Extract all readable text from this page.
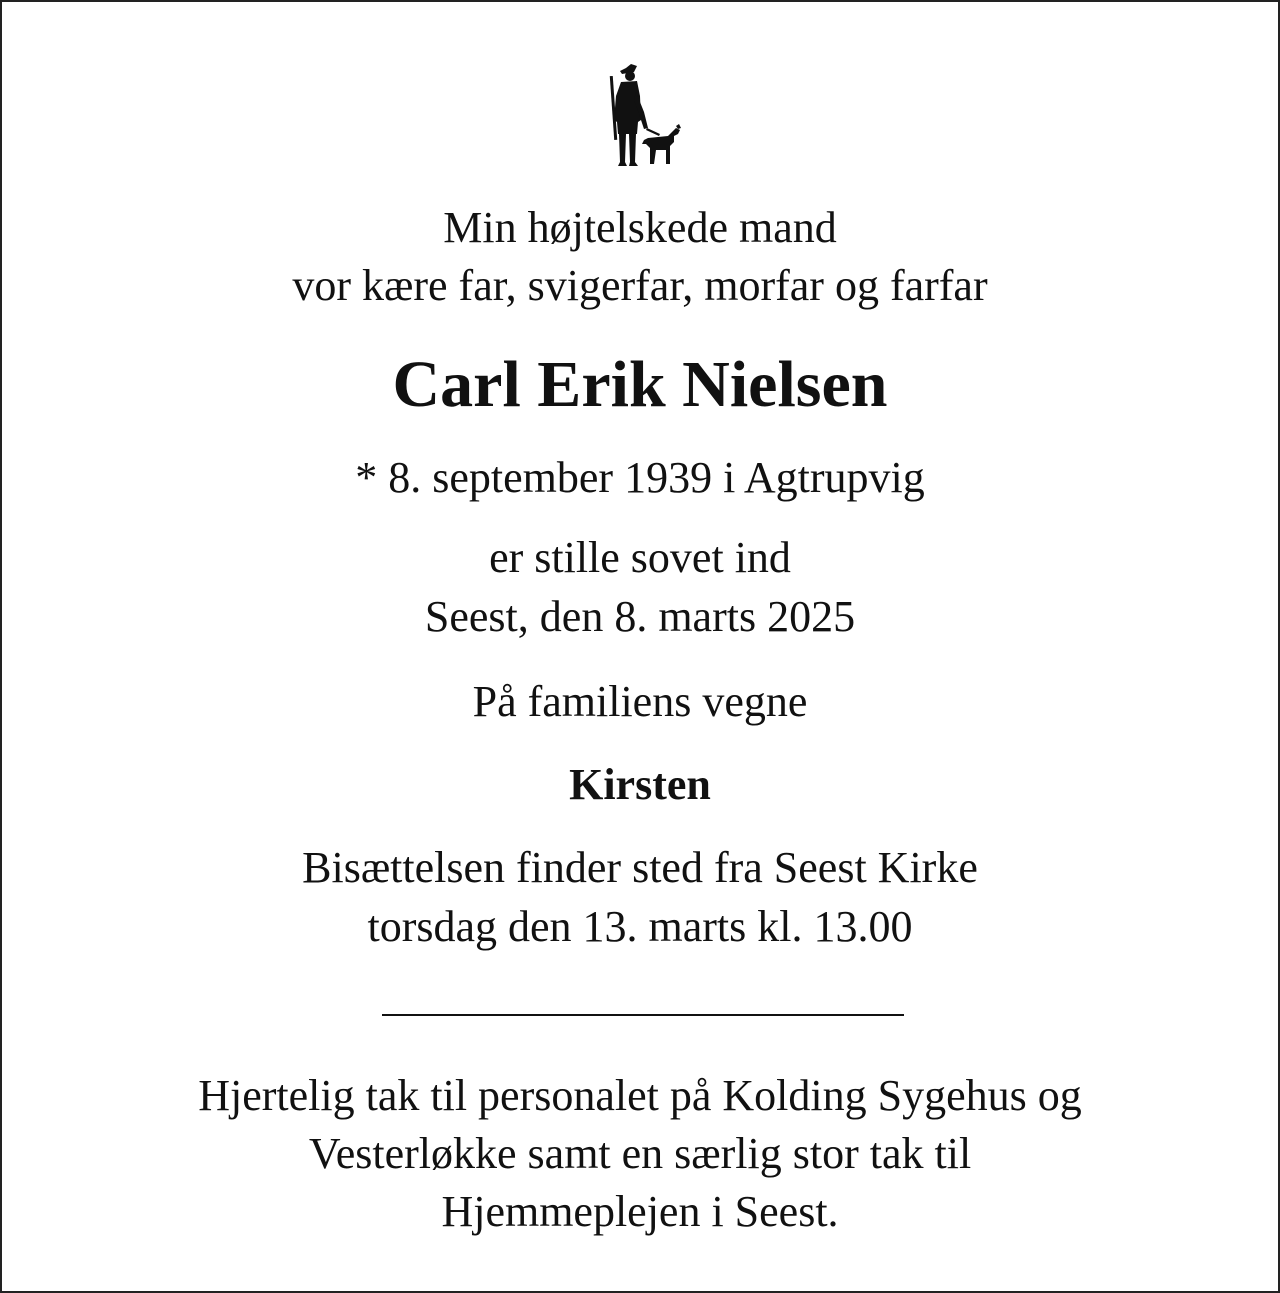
Min højtelskede mand
vor kære far, svigerfar, morfar og farfar
Carl Erik Nielsen
* 8. september 1939 i Agtrupvig
er stille sovet ind
Seest, den 8. marts 2025
På familiens vegne
Kirsten
Bisættelsen finder sted fra Seest Kirke
torsdag den 13. marts kl. 13.00
Hjertelig tak til personalet på Kolding Sygehus og
Vesterløkke samt en særlig stor tak til
Hjemmeplejen i Seest.
